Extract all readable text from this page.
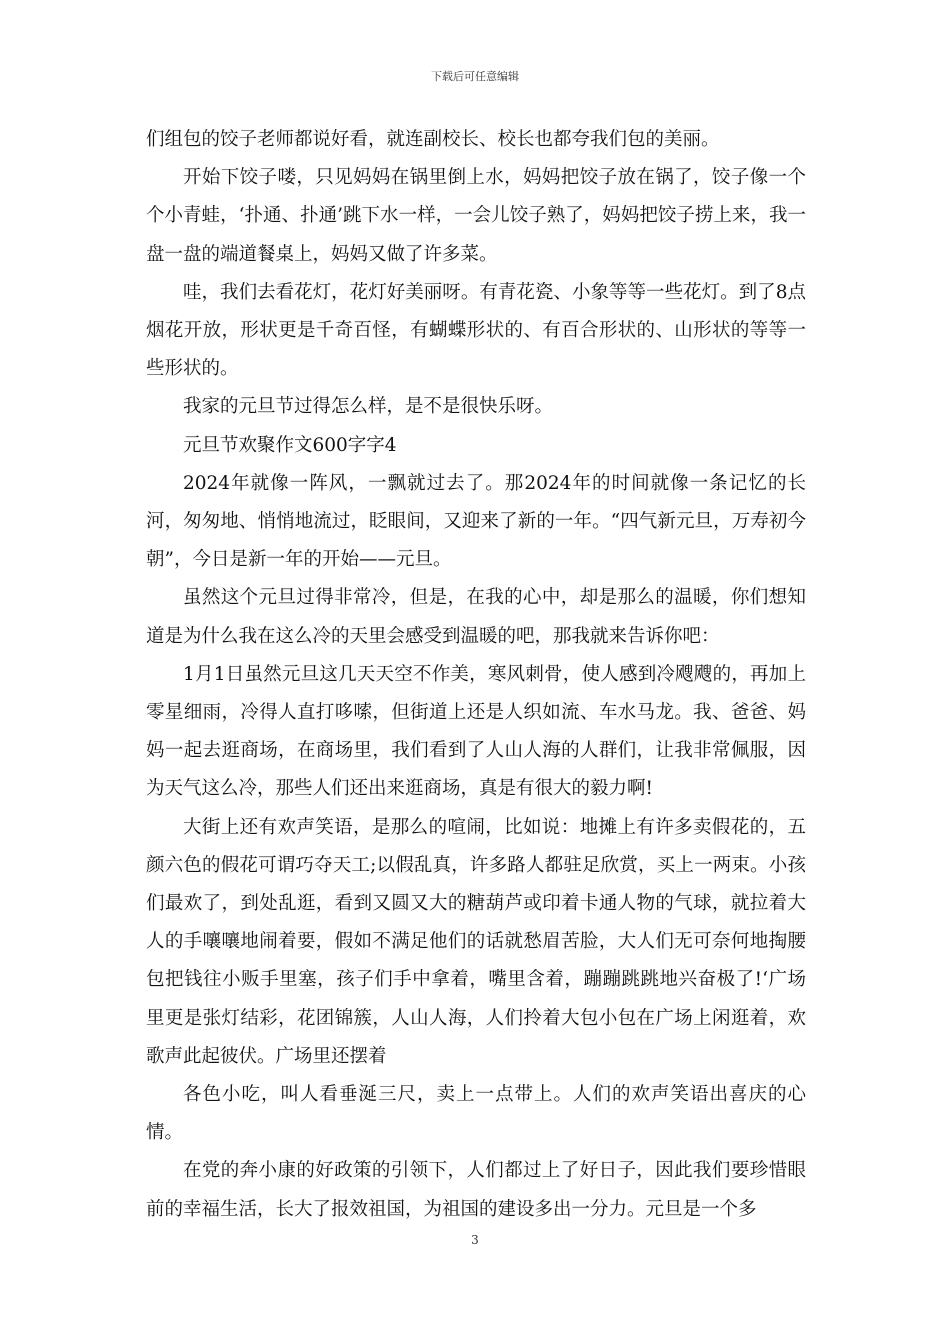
下载后可任意编辑

们组包的饺子老师都说好看，就连副校长、校长也都夸我们包的美丽。

开始下饺子喽，只见妈妈在锅里倒上水，妈妈把饺子放在锅了，饺子像一个个小青蛙，‘扑通、扑通’跳下水一样，一会儿饺子熟了，妈妈把饺子捞上来，我一盘一盘的端道餐桌上，妈妈又做了许多菜。

哇，我们去看花灯，花灯好美丽呀。有青花瓷、小象等等一些花灯。到了8点烟花开放，形状更是千奇百怪，有蝴蝶形状的、有百合形状的、山形状的等等一些形状的。

我家的元旦节过得怎么样，是不是很快乐呀。

元旦节欢聚作文600字字4

2024年就像一阵风，一飘就过去了。那2024年的时间就像一条记忆的长河，匆匆地、悄悄地流过，眨眼间，又迎来了新的一年。“四气新元旦，万寿初今朝”，今日是新一年的开始——元旦。

虽然这个元旦过得非常冷，但是，在我的心中，却是那么的温暖，你们想知道是为什么我在这么冷的天里会感受到温暖的吧，那我就来告诉你吧：

1月1日虽然元旦这几天天空不作美，寒风刺骨，使人感到冷飕飕的，再加上零星细雨，冷得人直打哆嗦，但街道上还是人织如流、车水马龙。我、爸爸、妈妈一起去逛商场，在商场里，我们看到了人山人海的人群们，让我非常佩服，因为天气这么冷，那些人们还出来逛商场，真是有很大的毅力啊!

大街上还有欢声笑语，是那么的喧闹，比如说：地摊上有许多卖假花的，五颜六色的假花可谓巧夺天工;以假乱真，许多路人都驻足欣赏，买上一两束。小孩们最欢了，到处乱逛，看到又圆又大的糖葫芦或印着卡通人物的气球，就拉着大人的手嚷嚷地闹着要，假如不满足他们的话就愁眉苦脸，大人们无可奈何地掏腰包把钱往小贩手里塞，孩子们手中拿着，嘴里含着，蹦蹦跳跳地兴奋极了!‘广场里更是张灯结彩，花团锦簇，人山人海，人们拎着大包小包在广场上闲逛着，欢歌声此起彼伏。广场里还摆着

各色小吃，叫人看垂涎三尺，卖上一点带上。人们的欢声笑语出喜庆的心情。

在党的奔小康的好政策的引领下，人们都过上了好日子，因此我们要珍惜眼前的幸福生活，长大了报效祖国，为祖国的建设多出一分力。元旦是一个多

3
